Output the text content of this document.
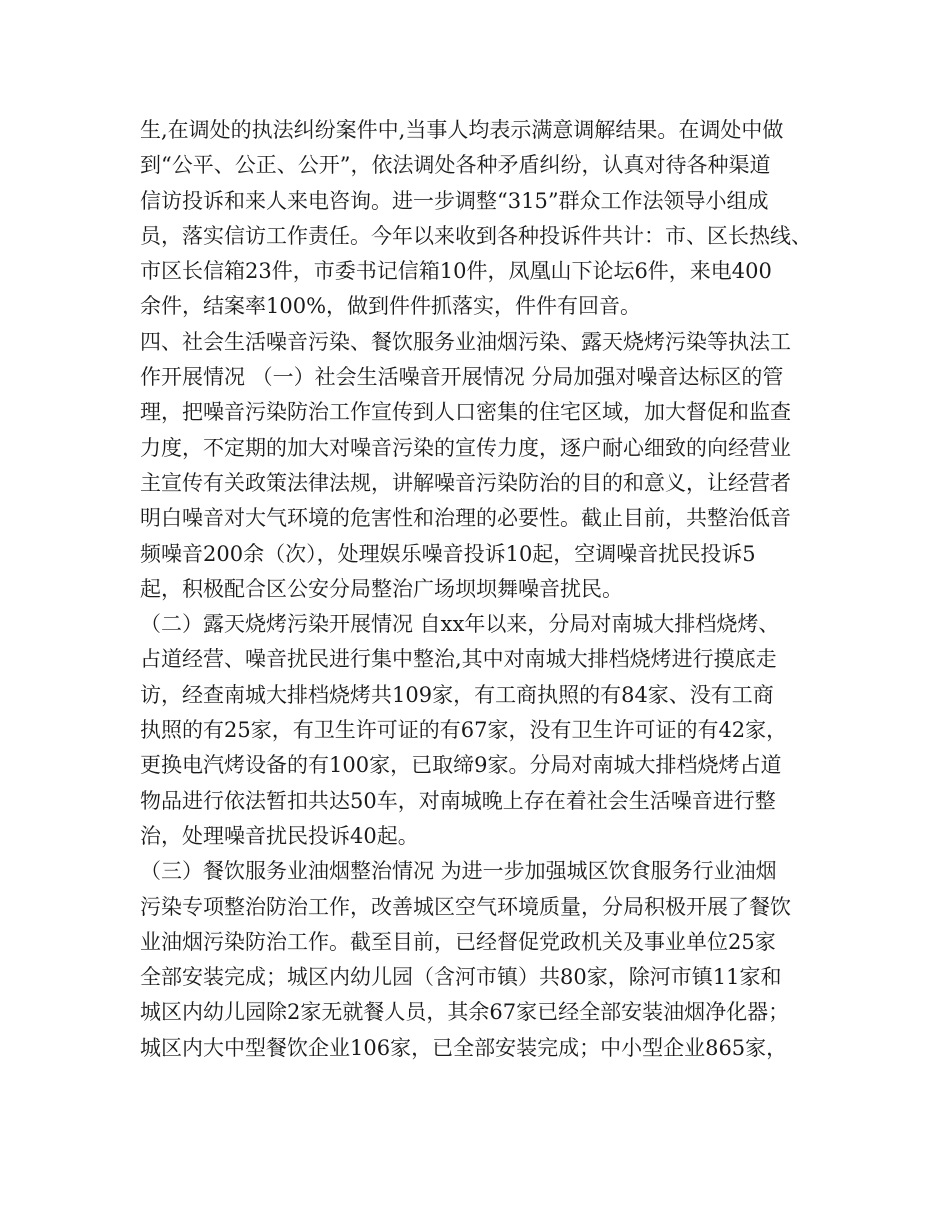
生,在调处的执法纠纷案件中,当事人均表示满意调解结果。在调处中做
到“公平、公正、公开”，依法调处各种矛盾纠纷，认真对待各种渠道
信访投诉和来人来电咨询。进一步调整“315”群众工作法领导小组成
员，落实信访工作责任。今年以来收到各种投诉件共计：市、区长热线、
市区长信箱23件，市委书记信箱10件，凤凰山下论坛6件，来电400
余件，结案率100%，做到件件抓落实，件件有回音。
四、社会生活噪音污染、餐饮服务业油烟污染、露天烧烤污染等执法工
作开展情况 （一）社会生活噪音开展情况 分局加强对噪音达标区的管
理，把噪音污染防治工作宣传到人口密集的住宅区域，加大督促和监查
力度，不定期的加大对噪音污染的宣传力度，逐户耐心细致的向经营业
主宣传有关政策法律法规，讲解噪音污染防治的目的和意义，让经营者
明白噪音对大气环境的危害性和治理的必要性。截止目前，共整治低音
频噪音200余（次），处理娱乐噪音投诉10起，空调噪音扰民投诉5
起，积极配合区公安分局整治广场坝坝舞噪音扰民。
（二）露天烧烤污染开展情况 自xx年以来，分局对南城大排档烧烤、
占道经营、噪音扰民进行集中整治,其中对南城大排档烧烤进行摸底走
访，经查南城大排档烧烤共109家，有工商执照的有84家、没有工商
执照的有25家，有卫生许可证的有67家，没有卫生许可证的有42家，
更换电汽烤设备的有100家，已取缔9家。分局对南城大排档烧烤占道
物品进行依法暂扣共达50车，对南城晚上存在着社会生活噪音进行整
治，处理噪音扰民投诉40起。
（三）餐饮服务业油烟整治情况 为进一步加强城区饮食服务行业油烟
污染专项整治防治工作，改善城区空气环境质量，分局积极开展了餐饮
业油烟污染防治工作。截至目前，已经督促党政机关及事业单位25家
全部安装完成；城区内幼儿园（含河市镇）共80家，除河市镇11家和
城区内幼儿园除2家无就餐人员，其余67家已经全部安装油烟净化器；
城区内大中型餐饮企业106家，已全部安装完成；中小型企业865家，
